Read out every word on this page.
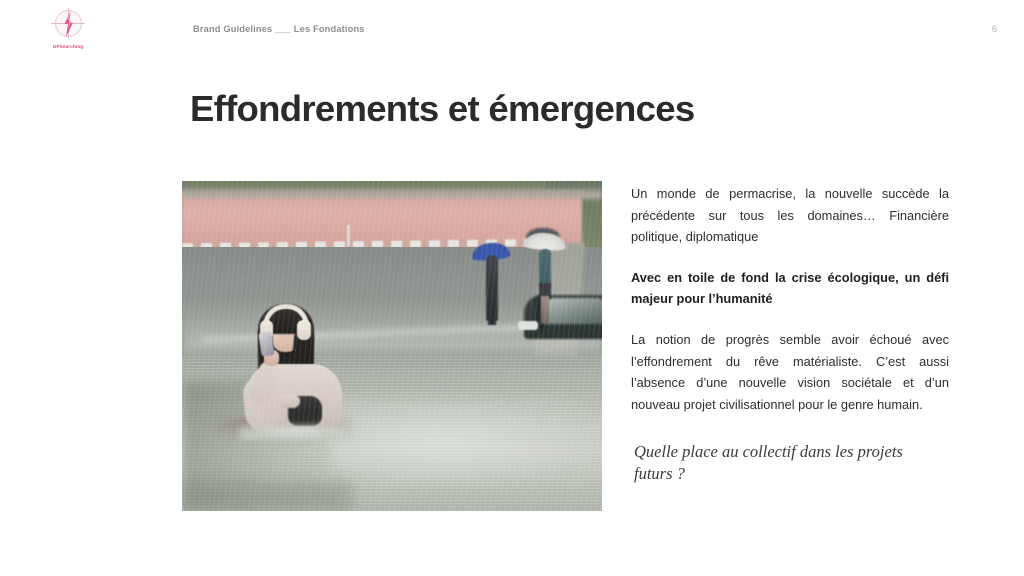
GPSearching
Brand Guidelines ___ Les Fondations	6
Effondrements et émergences

Un monde de permacrise, la nouvelle succède la précédente sur tous les domaines… Financière politique, diplomatique

Avec en toile de fond la crise écologique, un défi majeur pour l’humanité

La notion de progrès semble avoir échoué avec l’effondrement du rêve matérialiste. C’est aussi l’absence d’une nouvelle vision sociétale et d’un nouveau projet civilisationnel pour le genre humain.

Quelle place au collectif dans les projets futurs ?
